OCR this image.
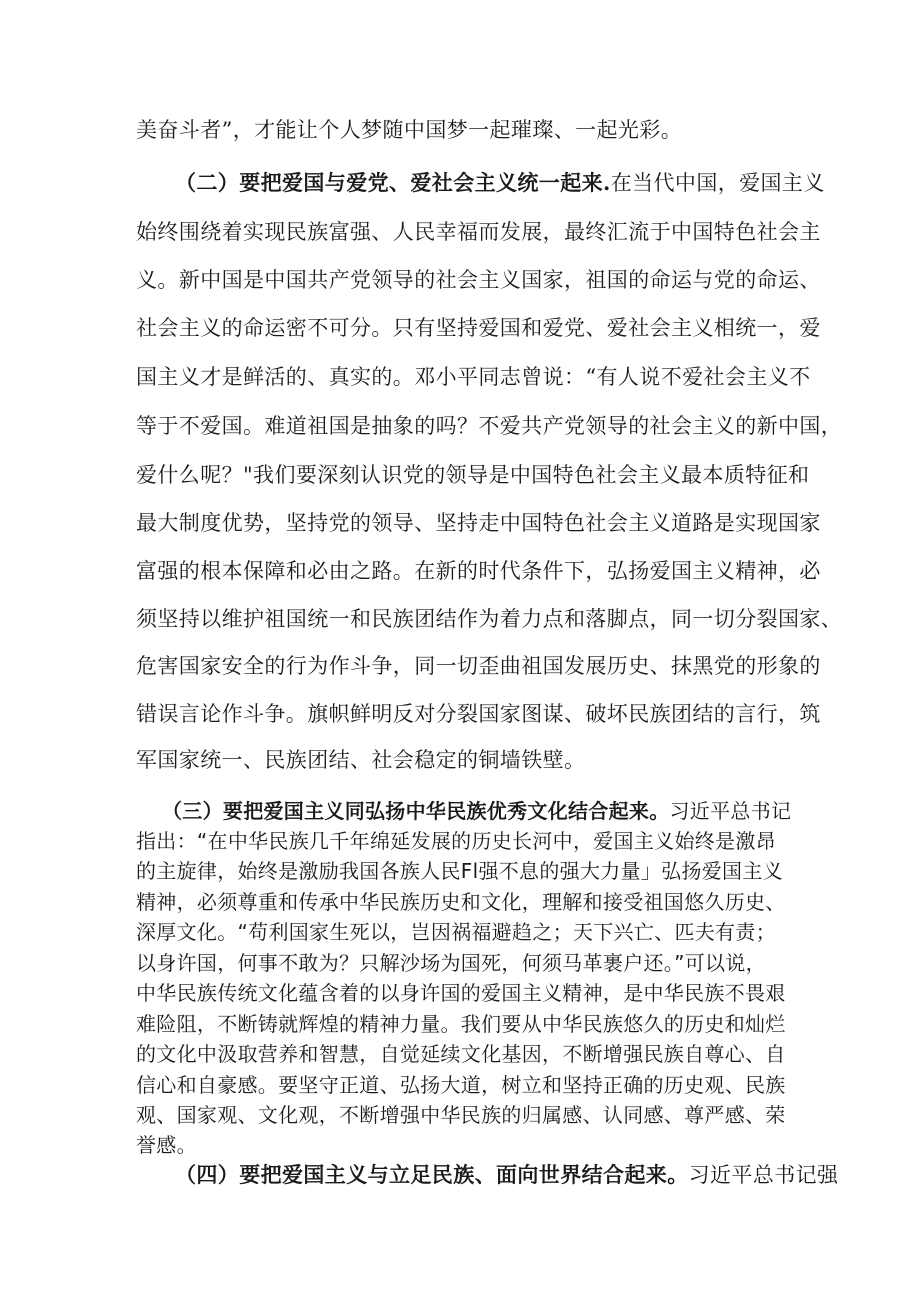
美奋斗者”，才能让个人梦随中国梦一起璀璨、一起光彩。
（二）要把爱国与爱党、爱社会主义统一起来.在当代中国，爱国主义
始终围绕着实现民族富强、人民幸福而发展，最终汇流于中国特色社会主
义。新中国是中国共产党领导的社会主义国家，祖国的命运与党的命运、
社会主义的命运密不可分。只有坚持爱国和爱党、爱社会主义相统一，爱
国主义才是鲜活的、真实的。邓小平同志曾说：“有人说不爱社会主义不
等于不爱国。难道祖国是抽象的吗？不爱共产党领导的社会主义的新中国，
爱什么呢？"我们要深刻认识党的领导是中国特色社会主义最本质特征和
最大制度优势，坚持党的领导、坚持走中国特色社会主义道路是实现国家
富强的根本保障和必由之路。在新的时代条件下，弘扬爱国主义精神，必
须坚持以维护祖国统一和民族团结作为着力点和落脚点，同一切分裂国家、
危害国家安全的行为作斗争，同一切歪曲祖国发展历史、抹黑党的形象的
错误言论作斗争。旗帜鲜明反对分裂国家图谋、破坏民族团结的言行，筑
军国家统一、民族团结、社会稳定的铜墙铁壁。
（三）要把爱国主义同弘扬中华民族优秀文化结合起来。习近平总书记
指出：“在中华民族几千年绵延发展的历史长河中，爱国主义始终是激昂
的主旋律，始终是激励我国各族人民Fl强不息的强大力量」弘扬爱国主义
精神，必须尊重和传承中华民族历史和文化，理解和接受祖国悠久历史、
深厚文化。“苟利国家生死以，岂因祸福避趋之；天下兴亡、匹夫有责；
以身许国，何事不敢为？只解沙场为国死，何须马革裹户还。”可以说，
中华民族传统文化蕴含着的以身许国的爱国主义精神，是中华民族不畏艰
难险阻，不断铸就辉煌的精神力量。我们要从中华民族悠久的历史和灿烂
的文化中汲取营养和智慧，自觉延续文化基因，不断增强民族自尊心、自
信心和自豪感。要坚守正道、弘扬大道，树立和坚持正确的历史观、民族
观、国家观、文化观，不断增强中华民族的归属感、认同感、尊严感、荣
誉感。
（四）要把爱国主义与立足民族、面向世界结合起来。习近平总书记强
